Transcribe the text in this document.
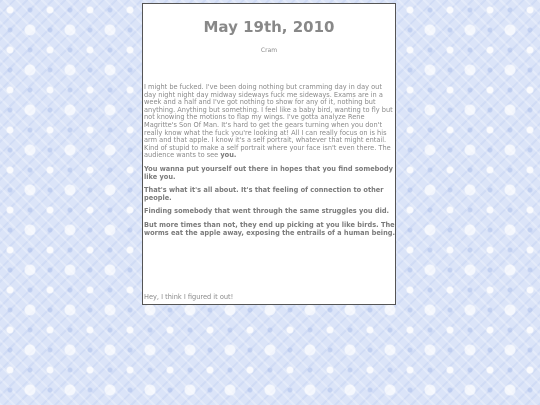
May 19th, 2010
Cram

I might be fucked. I've been doing nothing but cramming day in day out day night night day midway sideways fuck me sideways. Exams are in a week and a half and I've got nothing to show for any of it, nothing but anything. Anything but something. I feel like a baby bird, wanting to fly but not knowing the motions to flap my wings. I've gotta analyze Rene Magritte's Son Of Man. It's hard to get the gears turning when you don't really know what the fuck you're looking at! All I can really focus on is his arm and that apple. I know it's a self portrait, whatever that might entail. Kind of stupid to make a self portrait where your face isn't even there. The audience wants to see you.

You wanna put yourself out there in hopes that you find somebody like you.

That's what it's all about. It's that feeling of connection to other people.

Finding somebody that went through the same struggles you did.

But more times than not, they end up picking at you like birds. The worms eat the apple away, exposing the entrails of a human being.

Hey, I think I figured it out!
